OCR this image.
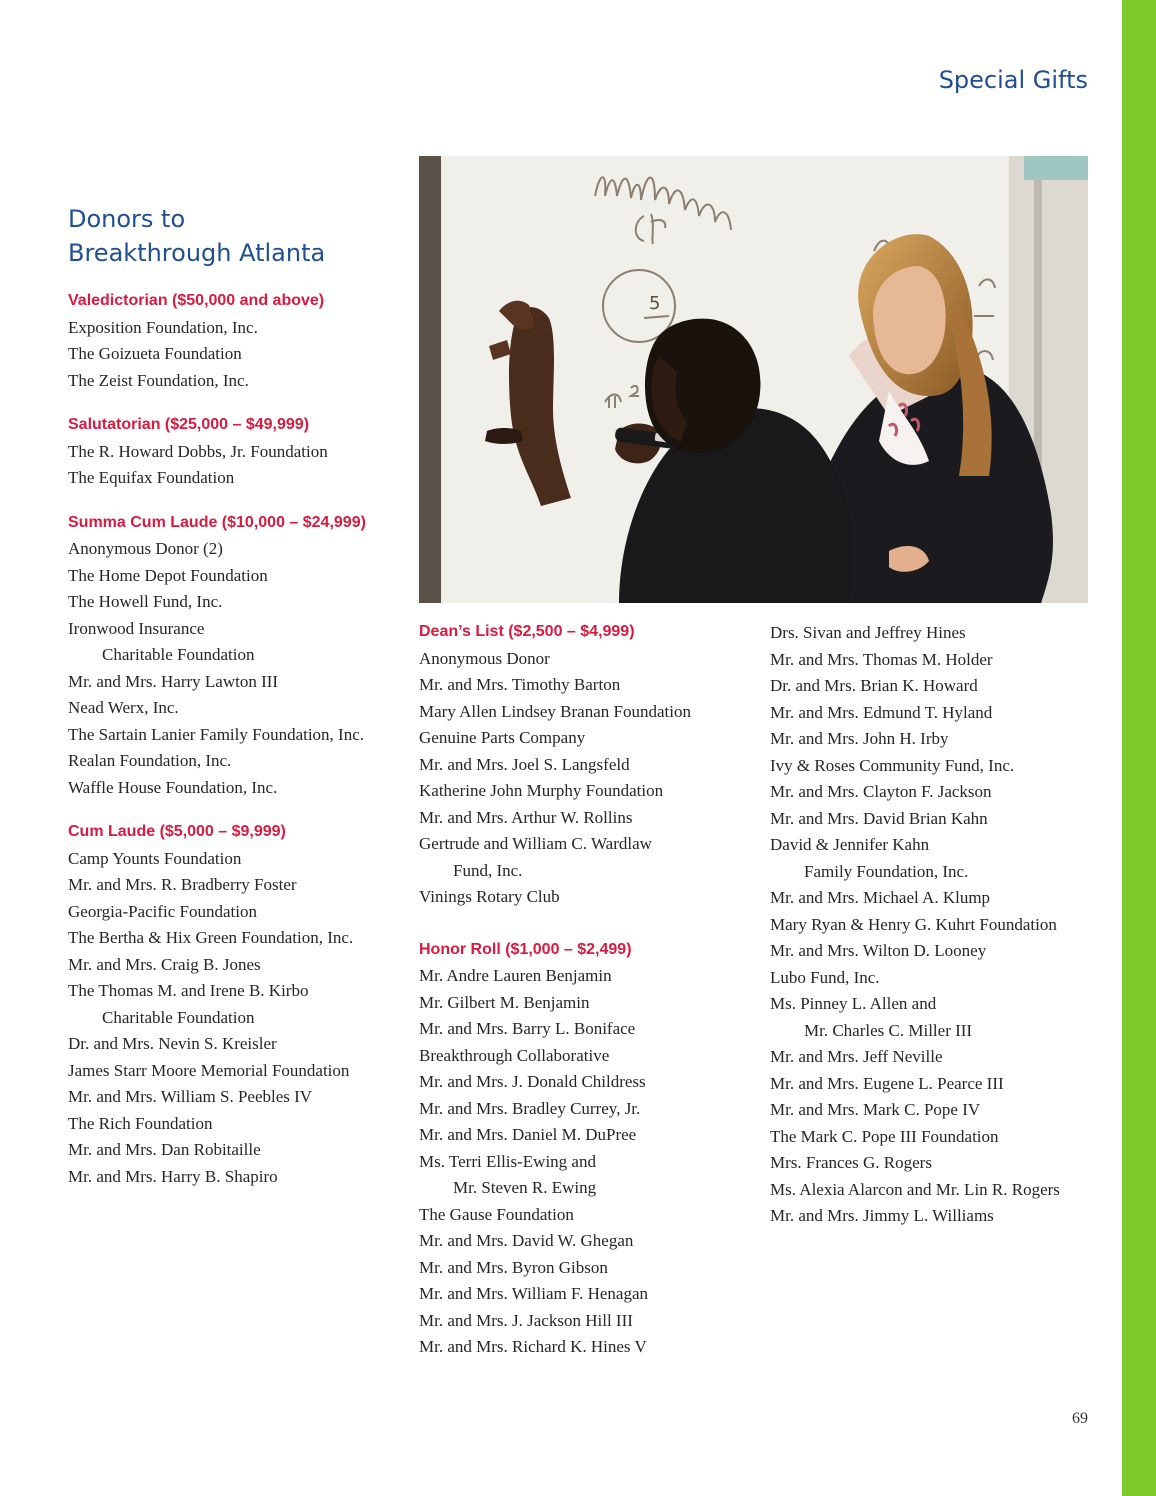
Special Gifts
Donors to
Breakthrough Atlanta
5
Valedictorian ($50,000 and above)
Exposition Foundation, Inc.
The Goizueta Foundation
The Zeist Foundation, Inc.
Salutatorian ($25,000 – $49,999)
The R. Howard Dobbs, Jr. Foundation
The Equifax Foundation
Summa Cum Laude ($10,000 – $24,999)
Anonymous Donor (2)
The Home Depot Foundation
The Howell Fund, Inc.
Ironwood Insurance
Charitable Foundation
Mr. and Mrs. Harry Lawton III
Nead Werx, Inc.
The Sartain Lanier Family Foundation, Inc.
Realan Foundation, Inc.
Waffle House Foundation, Inc.
Cum Laude ($5,000 – $9,999)
Camp Younts Foundation
Mr. and Mrs. R. Bradberry Foster
Georgia-Pacific Foundation
The Bertha & Hix Green Foundation, Inc.
Mr. and Mrs. Craig B. Jones
The Thomas M. and Irene B. Kirbo
Charitable Foundation
Dr. and Mrs. Nevin S. Kreisler
James Starr Moore Memorial Foundation
Mr. and Mrs. William S. Peebles IV
The Rich Foundation
Mr. and Mrs. Dan Robitaille
Mr. and Mrs. Harry B. Shapiro
Dean’s List ($2,500 – $4,999)
Anonymous Donor
Mr. and Mrs. Timothy Barton
Mary Allen Lindsey Branan Foundation
Genuine Parts Company
Mr. and Mrs. Joel S. Langsfeld
Katherine John Murphy Foundation
Mr. and Mrs. Arthur W. Rollins
Gertrude and William C. Wardlaw
Fund, Inc.
Vinings Rotary Club
Honor Roll ($1,000 – $2,499)
Mr. Andre Lauren Benjamin
Mr. Gilbert M. Benjamin
Mr. and Mrs. Barry L. Boniface
Breakthrough Collaborative
Mr. and Mrs. J. Donald Childress
Mr. and Mrs. Bradley Currey, Jr.
Mr. and Mrs. Daniel M. DuPree
Ms. Terri Ellis-Ewing and
Mr. Steven R. Ewing
The Gause Foundation
Mr. and Mrs. David W. Ghegan
Mr. and Mrs. Byron Gibson
Mr. and Mrs. William F. Henagan
Mr. and Mrs. J. Jackson Hill III
Mr. and Mrs. Richard K. Hines V
Drs. Sivan and Jeffrey Hines
Mr. and Mrs. Thomas M. Holder
Dr. and Mrs. Brian K. Howard
Mr. and Mrs. Edmund T. Hyland
Mr. and Mrs. John H. Irby
Ivy & Roses Community Fund, Inc.
Mr. and Mrs. Clayton F. Jackson
Mr. and Mrs. David Brian Kahn
David & Jennifer Kahn
Family Foundation, Inc.
Mr. and Mrs. Michael A. Klump
Mary Ryan & Henry G. Kuhrt Foundation
Mr. and Mrs. Wilton D. Looney
Lubo Fund, Inc.
Ms. Pinney L. Allen and
Mr. Charles C. Miller III
Mr. and Mrs. Jeff Neville
Mr. and Mrs. Eugene L. Pearce III
Mr. and Mrs. Mark C. Pope IV
The Mark C. Pope III Foundation
Mrs. Frances G. Rogers
Ms. Alexia Alarcon and Mr. Lin R. Rogers
Mr. and Mrs. Jimmy L. Williams
69
